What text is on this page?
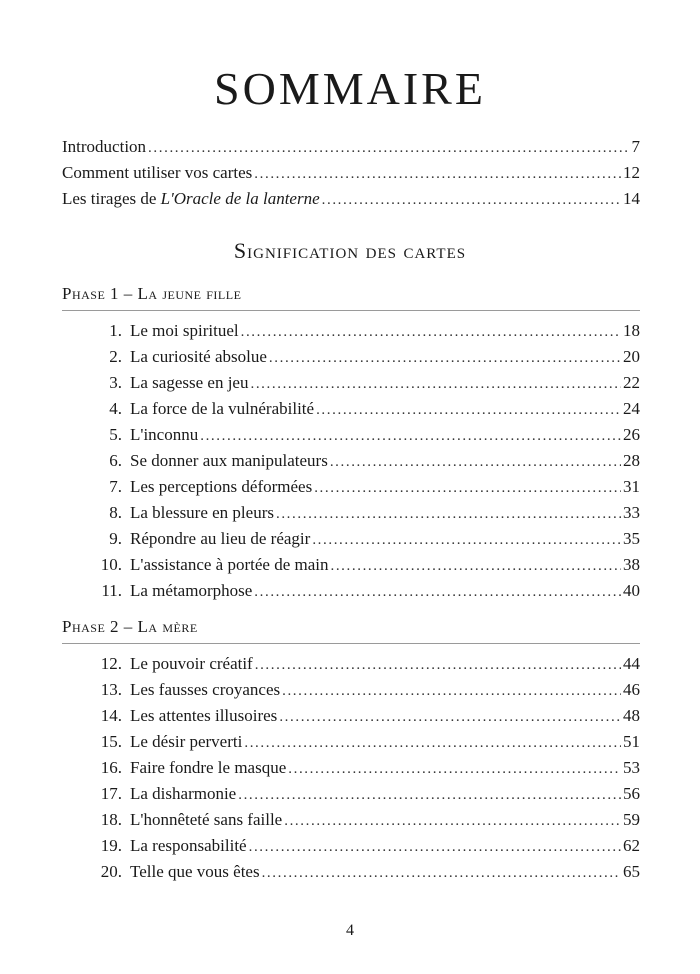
SOMMAIRE
Introduction .....	7
Comment utiliser vos cartes .....	12
Les tirages de L'Oracle de la lanterne .....	14
Signification des cartes
Phase 1 – La jeune fille
1. Le moi spirituel .....	18
2. La curiosité absolue .....	20
3. La sagesse en jeu .....	22
4. La force de la vulnérabilité .....	24
5. L'inconnu .....	26
6. Se donner aux manipulateurs .....	28
7. Les perceptions déformées .....	31
8. La blessure en pleurs .....	33
9. Répondre au lieu de réagir .....	35
10. L'assistance à portée de main .....	38
11. La métamorphose .....	40
Phase 2 – La mère
12. Le pouvoir créatif .....	44
13. Les fausses croyances .....	46
14. Les attentes illusoires .....	48
15. Le désir perverti .....	51
16. Faire fondre le masque .....	53
17. La disharmonie .....	56
18. L'honnêteté sans faille .....	59
19. La responsabilité .....	62
20. Telle que vous êtes .....	65
4
